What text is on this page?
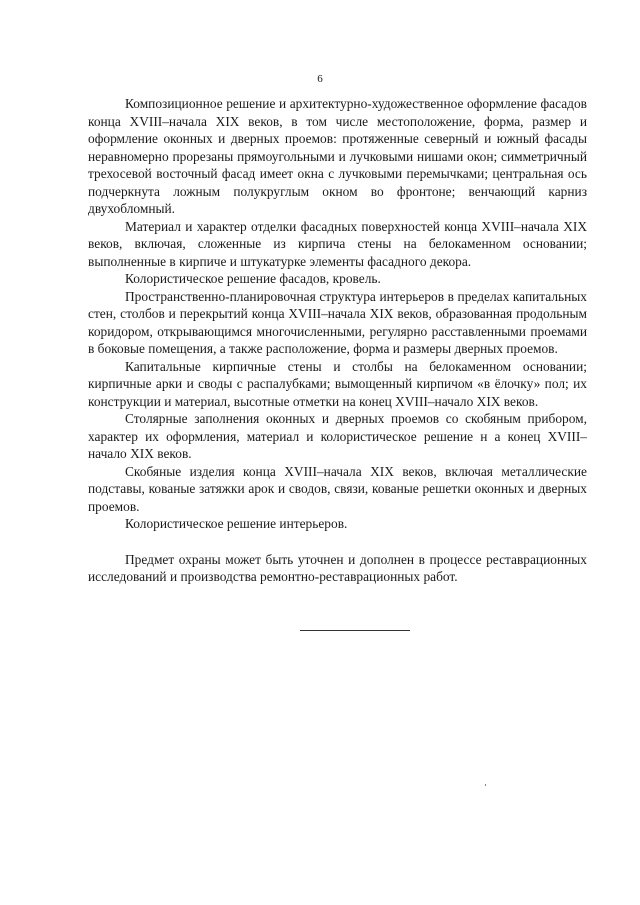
6

Композиционное решение и архитектурно-художественное оформление фасадов конца XVIII–начала XIX веков, в том числе местоположение, форма, размер и оформление оконных и дверных проемов: протяженные северный и южный фасады неравномерно прорезаны прямоугольными и лучковыми нишами окон; симметричный трехосевой восточный фасад имеет окна с лучковыми перемычками; центральная ось подчеркнута ложным полукруглым окном во фронтоне; венчающий карниз двухобломный.

Материал и характер отделки фасадных поверхностей конца XVIII–начала XIX веков, включая, сложенные из кирпича стены на белокаменном основании; выполненные в кирпиче и штукатурке элементы фасадного декора.

Колористическое решение фасадов, кровель.

Пространственно-планировочная структура интерьеров в пределах капитальных стен, столбов и перекрытий конца XVIII–начала XIX веков, образованная продольным коридором, открывающимся многочисленными, регулярно расставленными проемами в боковые помещения, а также расположение, форма и размеры дверных проемов.

Капитальные кирпичные стены и столбы на белокаменном основании; кирпичные арки и своды с распалубками; вымощенный кирпичом «в ёлочку» пол; их конструкции и материал, высотные отметки на конец XVIII–начало XIX веков.

Столярные заполнения оконных и дверных проемов со скобяным прибором, характер их оформления, материал и колористическое решение н а конец XVIII–начало XIX веков.

Скобяные изделия конца XVIII–начала XIX веков, включая металлические подставы, кованые затяжки арок и сводов, связи, кованые решетки оконных и дверных проемов.

Колористическое решение интерьеров.

Предмет охраны может быть уточнен и дополнен в процессе реставрационных исследований и производства ремонтно-реставрационных работ.
